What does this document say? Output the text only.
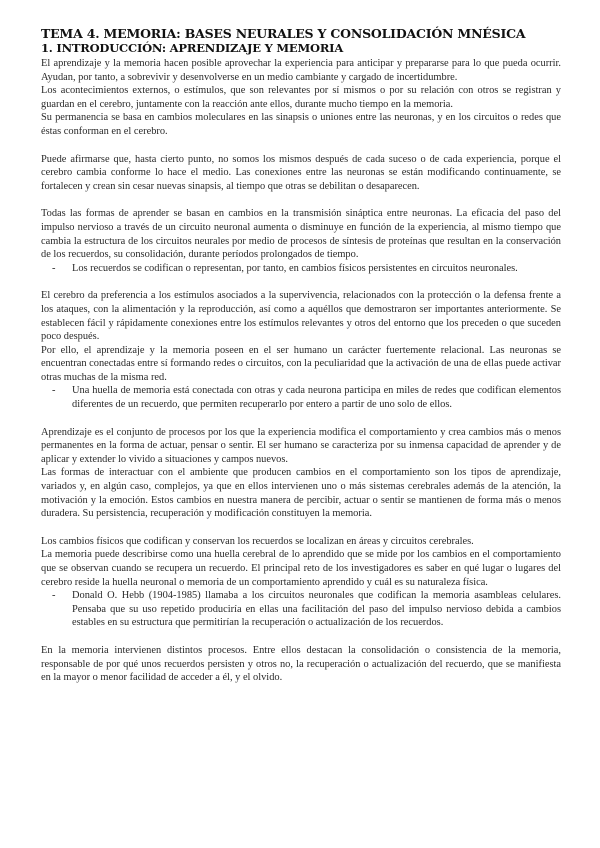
TEMA 4. MEMORIA: BASES NEURALES Y CONSOLIDACIÓN MNÉSICA
1. INTRODUCCIÓN: APRENDIZAJE Y MEMORIA

El aprendizaje y la memoria hacen posible aprovechar la experiencia para anticipar y prepararse para lo que pueda ocurrir. Ayudan, por tanto, a sobrevivir y desenvolverse en un medio cambiante y cargado de incertidumbre.

Los acontecimientos externos, o estímulos, que son relevantes por sí mismos o por su relación con otros se registran y guardan en el cerebro, juntamente con la reacción ante ellos, durante mucho tiempo en la memoria.

Su permanencia se basa en cambios moleculares en las sinapsis o uniones entre las neuronas, y en los circuitos o redes que éstas conforman en el cerebro.

Puede afirmarse que, hasta cierto punto, no somos los mismos después de cada suceso o de cada experiencia, porque el cerebro cambia conforme lo hace el medio. Las conexiones entre las neuronas se están modificando continuamente, se fortalecen y crean sin cesar nuevas sinapsis, al tiempo que otras se debilitan o desaparecen.

Todas las formas de aprender se basan en cambios en la transmisión sináptica entre neuronas. La eficacia del paso del impulso nervioso a través de un circuito neuronal aumenta o disminuye en función de la experiencia, al mismo tiempo que cambia la estructura de los circuitos neurales por medio de procesos de síntesis de proteínas que resultan en la conservación de los recuerdos, su consolidación, durante períodos prolongados de tiempo.

- Los recuerdos se codifican o representan, por tanto, en cambios físicos persistentes en circuitos neuronales.

El cerebro da preferencia a los estímulos asociados a la supervivencia, relacionados con la protección o la defensa frente a los ataques, con la alimentación y la reproducción, así como a aquéllos que demostraron ser importantes anteriormente. Se establecen fácil y rápidamente conexiones entre los estímulos relevantes y otros del entorno que los preceden o que suceden poco después.

Por ello, el aprendizaje y la memoria poseen en el ser humano un carácter fuertemente relacional. Las neuronas se encuentran conectadas entre sí formando redes o circuitos, con la peculiaridad que la activación de una de ellas puede activar otras muchas de la misma red.

- Una huella de memoria está conectada con otras y cada neurona participa en miles de redes que codifican elementos diferentes de un recuerdo, que permiten recuperarlo por entero a partir de uno solo de ellos.

Aprendizaje es el conjunto de procesos por los que la experiencia modifica el comportamiento y crea cambios más o menos permanentes en la forma de actuar, pensar o sentir. El ser humano se caracteriza por su inmensa capacidad de aprender y de aplicar y extender lo vivido a situaciones y campos nuevos.

Las formas de interactuar con el ambiente que producen cambios en el comportamiento son los tipos de aprendizaje, variados y, en algún caso, complejos, ya que en ellos intervienen uno o más sistemas cerebrales además de la atención, la motivación y la emoción. Estos cambios en nuestra manera de percibir, actuar o sentir se mantienen de forma más o menos duradera. Su persistencia, recuperación y modificación constituyen la memoria.

Los cambios físicos que codifican y conservan los recuerdos se localizan en áreas y circuitos cerebrales.

La memoria puede describirse como una huella cerebral de lo aprendido que se mide por los cambios en el comportamiento que se observan cuando se recupera un recuerdo. El principal reto de los investigadores es saber en qué lugar o lugares del cerebro reside la huella neuronal o memoria de un comportamiento aprendido y cuál es su naturaleza física.

- Donald O. Hebb (1904-1985) llamaba a los circuitos neuronales que codifican la memoria asambleas celulares. Pensaba que su uso repetido produciría en ellas una facilitación del paso del impulso nervioso debida a cambios estables en su estructura que permitirían la recuperación o actualización de los recuerdos.

En la memoria intervienen distintos procesos. Entre ellos destacan la consolidación o consistencia de la memoria, responsable de por qué unos recuerdos persisten y otros no, la recuperación o actualización del recuerdo, que se manifiesta en la mayor o menor facilidad de acceder a él, y el olvido.
